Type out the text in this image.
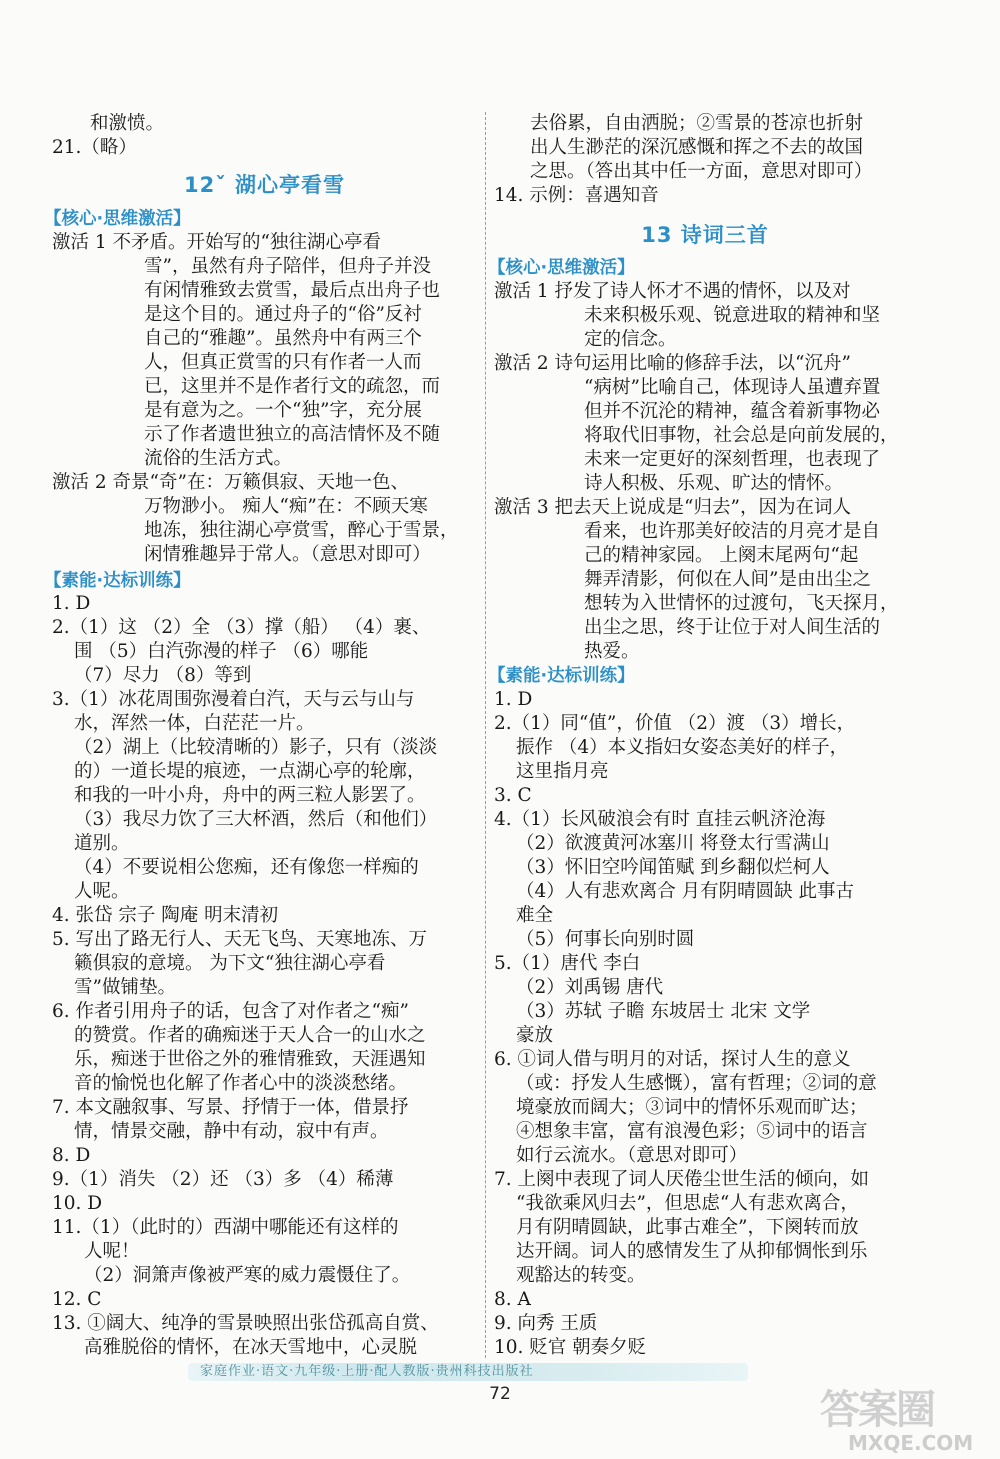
和激愤。
21.（略）
12ˇ 湖心亭看雪
【核心·思维激活】
激活 1 不矛盾。开始写的“独往湖心亭看
雪”，虽然有舟子陪伴，但舟子并没
有闲情雅致去赏雪，最后点出舟子也
是这个目的。通过舟子的“俗”反衬
自己的“雅趣”。虽然舟中有两三个
人，但真正赏雪的只有作者一人而
已，这里并不是作者行文的疏忽，而
是有意为之。一个“独”字，充分展
示了作者遗世独立的高洁情怀及不随
流俗的生活方式。
激活 2 奇景“奇”在：万籁俱寂、天地一色、
万物渺小。 痴人“痴”在：不顾天寒
地冻，独往湖心亭赏雪，醉心于雪景，
闲情雅趣异于常人。（意思对即可）
【素能·达标训练】
1. D
2.（1）这 （2）全 （3）撑（船） （4）裹、
围 （5）白汽弥漫的样子 （6）哪能
（7）尽力 （8）等到
3.（1）冰花周围弥漫着白汽，天与云与山与
水，浑然一体，白茫茫一片。
（2）湖上（比较清晰的）影子，只有（淡淡
的）一道长堤的痕迹，一点湖心亭的轮廓，
和我的一叶小舟，舟中的两三粒人影罢了。
（3）我尽力饮了三大杯酒，然后（和他们）
道别。
（4）不要说相公您痴，还有像您一样痴的
人呢。
4. 张岱 宗子 陶庵 明末清初
5. 写出了路无行人、天无飞鸟、天寒地冻、万
籁俱寂的意境。 为下文“独往湖心亭看
雪”做铺垫。
6. 作者引用舟子的话，包含了对作者之“痴”
的赞赏。作者的确痴迷于天人合一的山水之
乐，痴迷于世俗之外的雅情雅致，天涯遇知
音的愉悦也化解了作者心中的淡淡愁绪。
7. 本文融叙事、写景、抒情于一体，借景抒
情，情景交融，静中有动，寂中有声。
8. D
9.（1）消失 （2）还 （3）多 （4）稀薄
10. D
11.（1）（此时的）西湖中哪能还有这样的
人呢！
（2）洞箫声像被严寒的威力震慑住了。
12. C
13. ①阔大、纯净的雪景映照出张岱孤高自赏、
高雅脱俗的情怀，在冰天雪地中，心灵脱
去俗累，自由洒脱；②雪景的苍凉也折射
出人生渺茫的深沉感慨和挥之不去的故国
之思。（答出其中任一方面，意思对即可）
14. 示例：喜遇知音
13 诗词三首
【核心·思维激活】
激活 1 抒发了诗人怀才不遇的情怀，以及对
未来积极乐观、锐意进取的精神和坚
定的信念。
激活 2 诗句运用比喻的修辞手法，以“沉舟”
“病树”比喻自己，体现诗人虽遭弃置
但并不沉沦的精神，蕴含着新事物必
将取代旧事物，社会总是向前发展的，
未来一定更好的深刻哲理，也表现了
诗人积极、乐观、旷达的情怀。
激活 3 把去天上说成是“归去”，因为在词人
看来，也许那美好皎洁的月亮才是自
己的精神家园。 上阕末尾两句“起
舞弄清影，何似在人间”是由出尘之
想转为入世情怀的过渡句，飞天探月，
出尘之思，终于让位于对人间生活的
热爱。
【素能·达标训练】
1. D
2.（1）同“值”，价值 （2）渡 （3）增长，
振作 （4）本义指妇女姿态美好的样子，
这里指月亮
3. C
4.（1）长风破浪会有时 直挂云帆济沧海
（2）欲渡黄河冰塞川 将登太行雪满山
（3）怀旧空吟闻笛赋 到乡翻似烂柯人
（4）人有悲欢离合 月有阴晴圆缺 此事古
难全
（5）何事长向别时圆
5.（1）唐代 李白
（2）刘禹锡 唐代
（3）苏轼 子瞻 东坡居士 北宋 文学
豪放
6. ①词人借与明月的对话，探讨人生的意义
（或：抒发人生感慨），富有哲理；②词的意
境豪放而阔大；③词中的情怀乐观而旷达；
④想象丰富，富有浪漫色彩；⑤词中的语言
如行云流水。（意思对即可）
7. 上阕中表现了词人厌倦尘世生活的倾向，如
“我欲乘风归去”，但思虑“人有悲欢离合，
月有阴晴圆缺，此事古难全”，下阕转而放
达开阔。词人的感情发生了从抑郁惆怅到乐
观豁达的转变。
8. A
9. 向秀 王质
10. 贬官 朝奏夕贬
家庭作业·语文·九年级·上册·配人教版·贵州科技出版社
72	答案圈
MXQE.COM
